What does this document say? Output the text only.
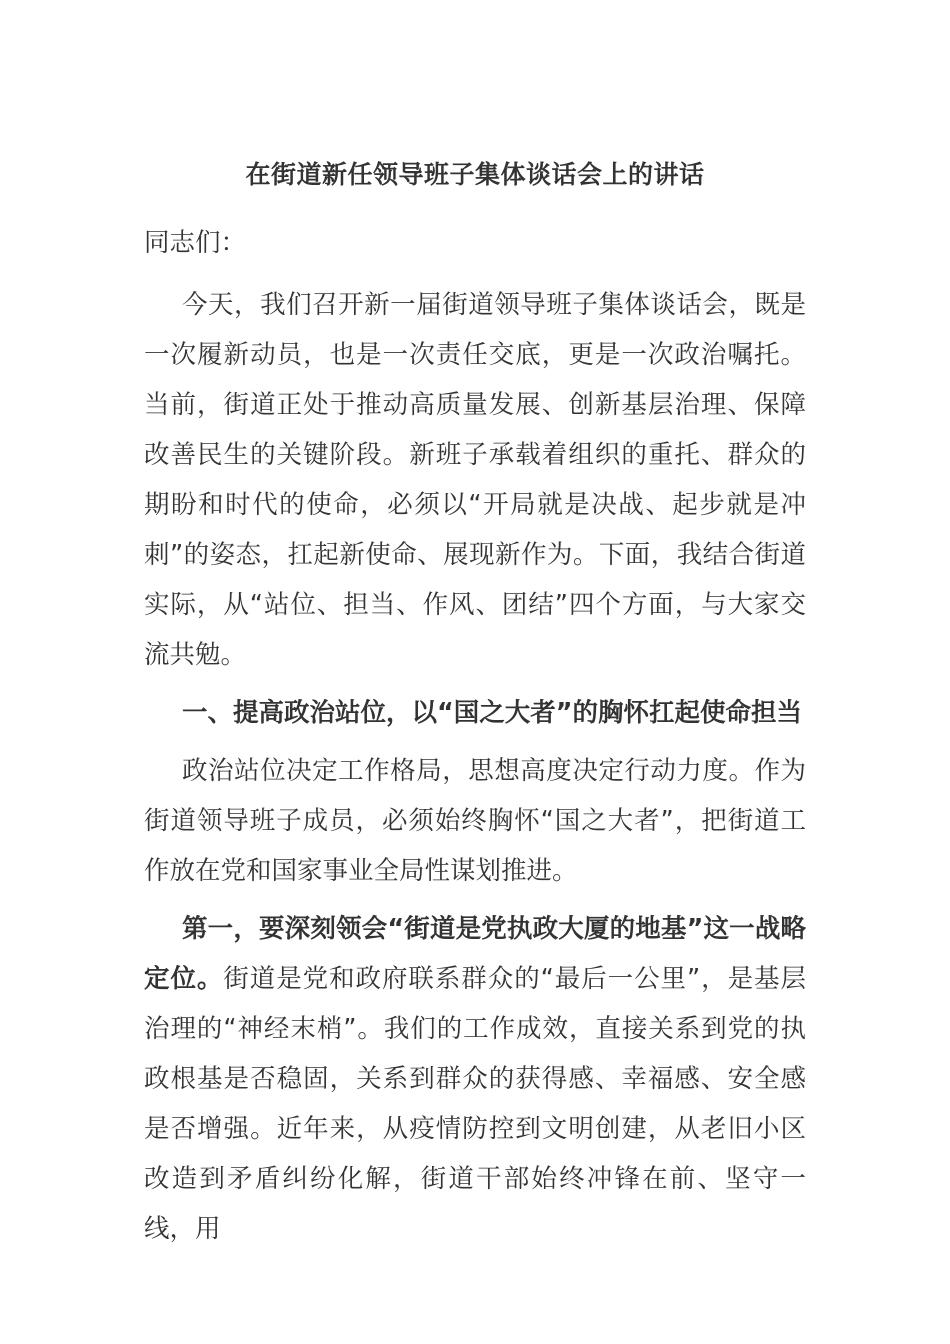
在街道新任领导班子集体谈话会上的讲话

同志们：

今天，我们召开新一届街道领导班子集体谈话会，既是一次履新动员，也是一次责任交底，更是一次政治嘱托。当前，街道正处于推动高质量发展、创新基层治理、保障改善民生的关键阶段。新班子承载着组织的重托、群众的期盼和时代的使命，必须以“开局就是决战、起步就是冲刺”的姿态，扛起新使命、展现新作为。下面，我结合街道实际，从“站位、担当、作风、团结”四个方面，与大家交流共勉。

一、提高政治站位，以“国之大者”的胸怀扛起使命担当

政治站位决定工作格局，思想高度决定行动力度。作为街道领导班子成员，必须始终胸怀“国之大者”，把街道工作放在党和国家事业全局性谋划推进。

第一，要深刻领会“街道是党执政大厦的地基”这一战略定位。街道是党和政府联系群众的“最后一公里”，是基层治理的“神经末梢”。我们的工作成效，直接关系到党的执政根基是否稳固，关系到群众的获得感、幸福感、安全感是否增强。近年来，从疫情防控到文明创建，从老旧小区改造到矛盾纠纷化解，街道干部始终冲锋在前、坚守一线，用
